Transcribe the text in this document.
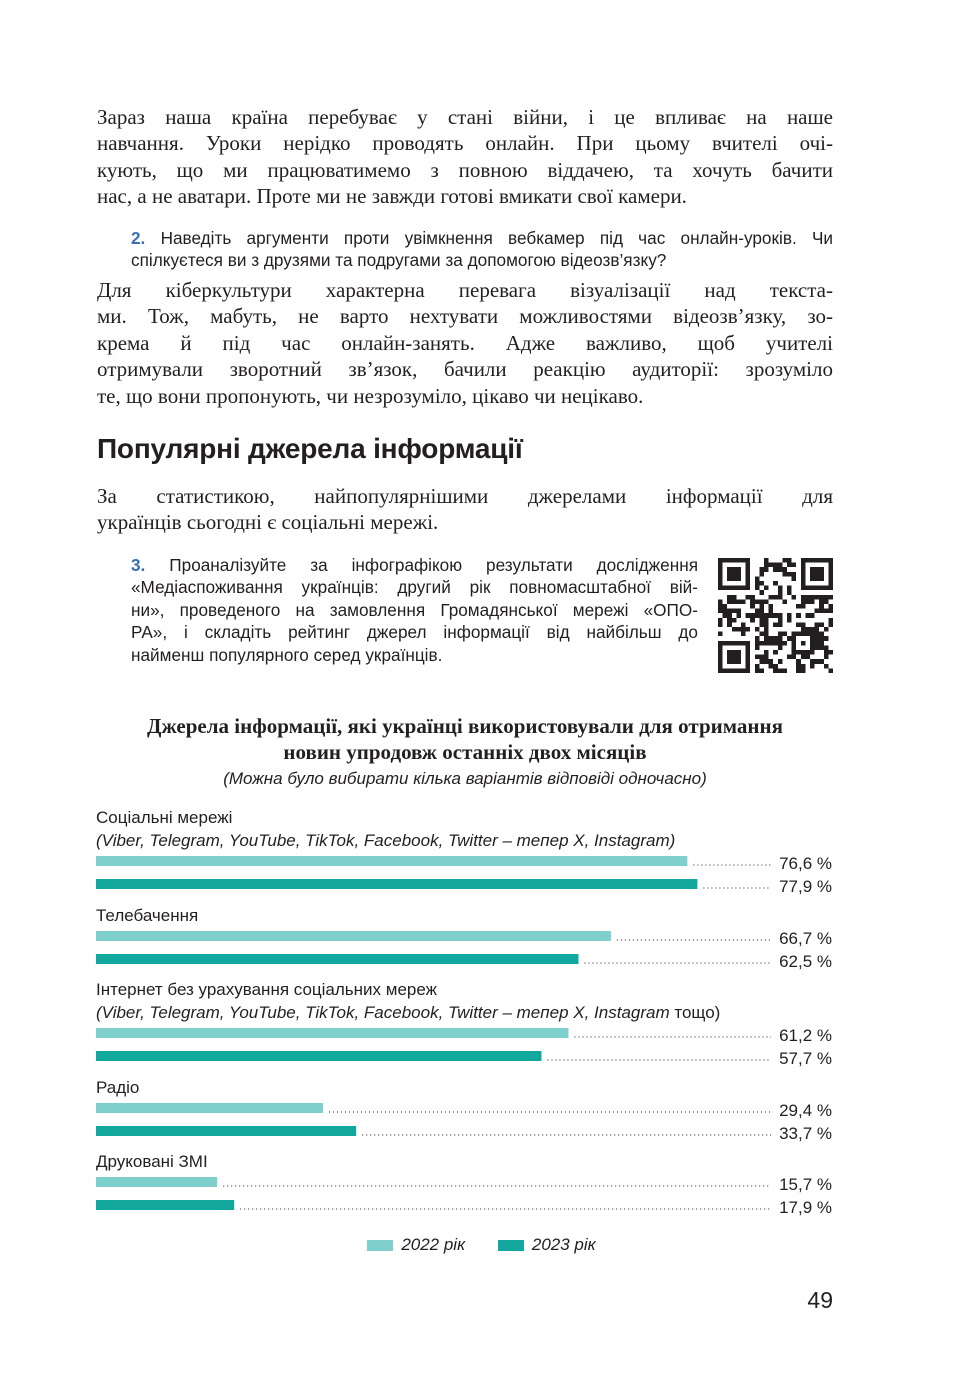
Зараз наша країна перебуває у стані війни, і це впливає на наше
навчання. Уроки нерідко проводять онлайн. При цьому вчителі очі-
кують, що ми працюватимемо з повною віддачею, та хочуть бачити
нас, а не аватари. Проте ми не завжди готові вмикати свої камери.
2. Наведіть аргументи проти увімкнення вебкамер під час онлайн-уроків. Чи
спілкуєтеся ви з друзями та подругами за допомогою відеозв’язку?
Для кіберкультури характерна перевага візуалізації над текста-
ми. Тож, мабуть, не варто нехтувати можливостями відеозв’язку, зо-
крема й під час онлайн-занять. Адже важливо, щоб учителі
отримували зворотний зв’язок, бачили реакцію аудиторії: зрозуміло
те, що вони пропонують, чи незрозуміло, цікаво чи нецікаво.
Популярні джерела інформації
За статистикою, найпопулярнішими джерелами інформації для
українців сьогодні є соціальні мережі.
3. Проаналізуйте за інфографікою результати дослідження
«Медіаспоживання українців: другий рік повномасштабної вій-
ни», проведеного на замовлення Громадянської мережі «ОПО-
РА», і складіть рейтинг джерел інформації від найбільш до
найменш популярного серед українців.
Джерела інформації, які українці використовували для отримання
новин упродовж останніх двох місяців
(Можна було вибирати кілька варіантів відповіді одночасно)
Соціальні мережі
(Viber, Telegram, YouTube, TikTok, Facebook, Twitter – тепер X, Instagram)
76,6 %
77,9 %
Телебачення
66,7 %
62,5 %
Інтернет без урахування соціальних мереж
(Viber, Telegram, YouTube, TikTok, Facebook, Twitter – тепер X, Instagram тощо)
61,2 %
57,7 %
Радіо
29,4 %
33,7 %
Друковані ЗМІ
15,7 %
17,9 %
2022 рік	2023 рік
49
